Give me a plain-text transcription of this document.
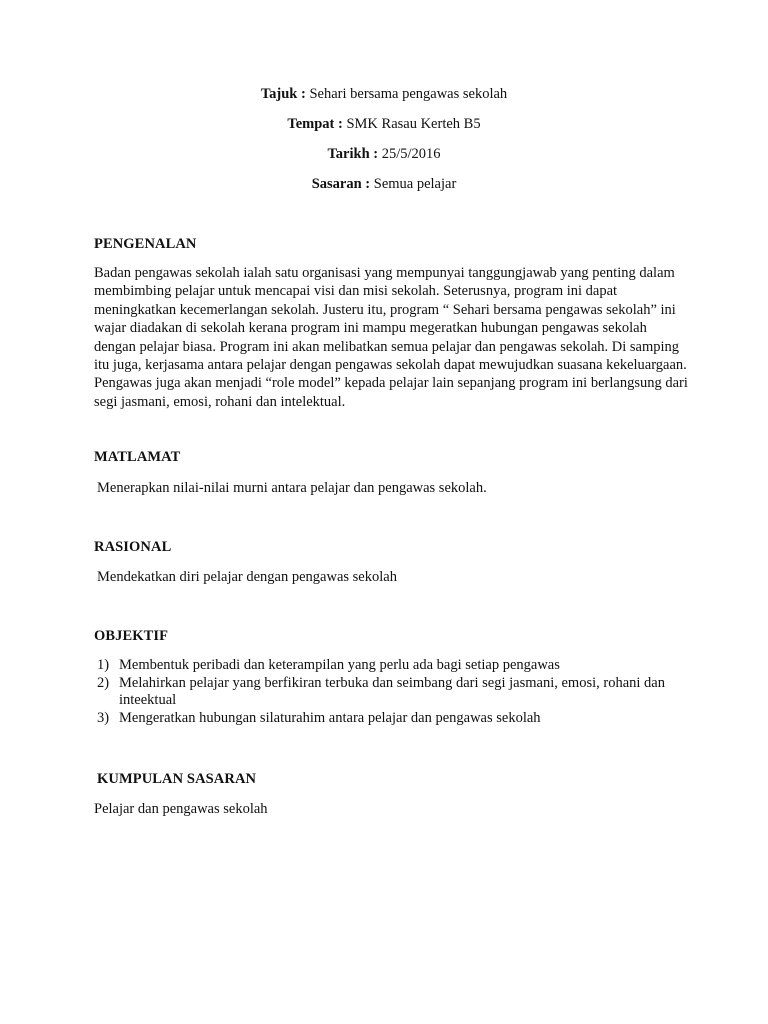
Tajuk : Sehari bersama pengawas sekolah
Tempat : SMK Rasau Kerteh B5
Tarikh : 25/5/2016
Sasaran : Semua pelajar
PENGENALAN
Badan pengawas sekolah ialah satu organisasi yang mempunyai tanggungjawab yang penting dalam
membimbing pelajar untuk mencapai visi dan misi sekolah. Seterusnya, program ini dapat
meningkatkan kecemerlangan sekolah. Justeru itu, program “ Sehari bersama pengawas sekolah” ini
wajar diadakan di sekolah kerana program ini mampu megeratkan hubungan pengawas sekolah
dengan pelajar biasa. Program ini akan melibatkan semua pelajar dan pengawas sekolah. Di samping
itu juga, kerjasama antara pelajar dengan pengawas sekolah dapat mewujudkan suasana kekeluargaan.
Pengawas juga akan menjadi “role model” kepada pelajar lain sepanjang program ini berlangsung dari
segi jasmani, emosi, rohani dan intelektual.
MATLAMAT
Menerapkan nilai-nilai murni antara pelajar dan pengawas sekolah.
RASIONAL
Mendekatkan diri pelajar dengan pengawas sekolah
OBJEKTIF
1) Membentuk peribadi dan keterampilan yang perlu ada bagi setiap pengawas
2) Melahirkan pelajar yang berfikiran terbuka dan seimbang dari segi jasmani, emosi, rohani dan
inteektual
3) Mengeratkan hubungan silaturahim antara pelajar dan pengawas sekolah
KUMPULAN SASARAN
Pelajar dan pengawas sekolah
